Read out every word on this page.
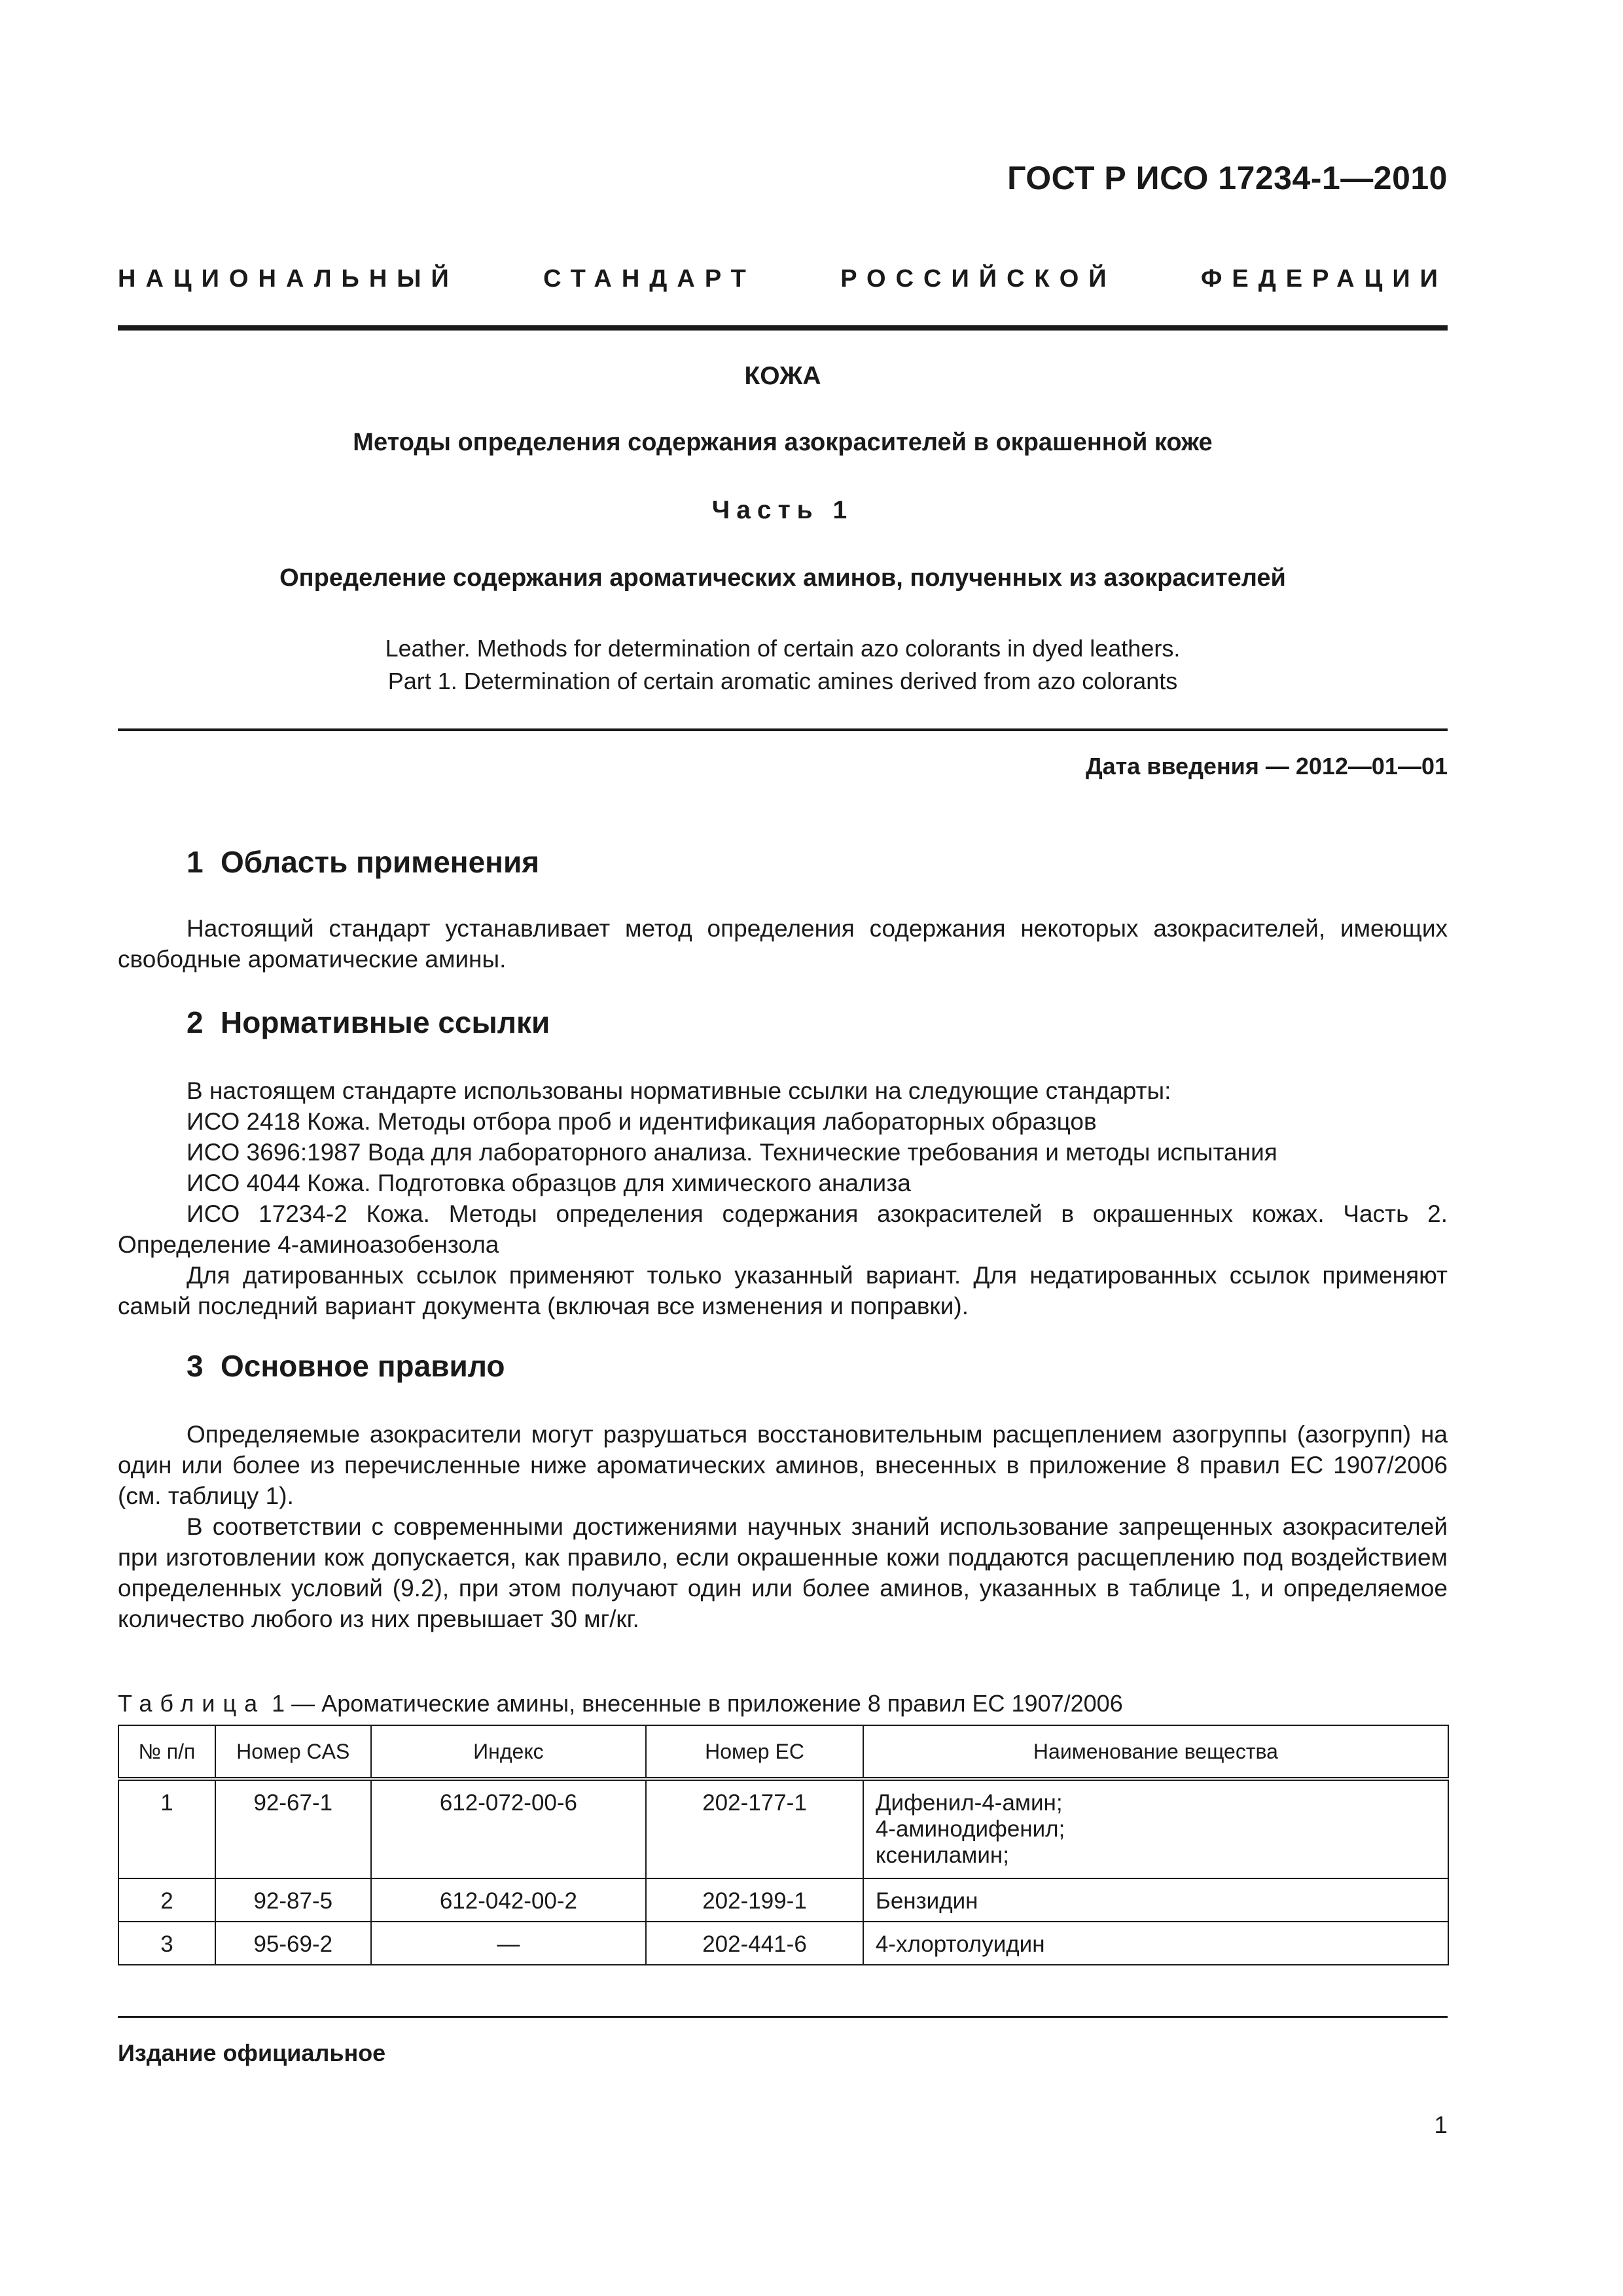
ГОСТ Р ИСО 17234-1—2010
НАЦИОНАЛЬНЫЙ	СТАНДАРТ	РОССИЙСКОЙ	ФЕДЕРАЦИИ
КОЖА
Методы определения содержания азокрасителей в окрашенной коже
Часть 1
Определение содержания ароматических аминов, полученных из азокрасителей
Leather. Methods for determination of certain azo colorants in dyed leathers.
Part 1. Determination of certain aromatic amines derived from azo colorants
Дата введения — 2012—01—01
1 Область применения

Настоящий стандарт устанавливает метод определения содержания некоторых азокрасителей, имеющих свободные ароматические амины.

2 Нормативные ссылки

В настоящем стандарте использованы нормативные ссылки на следующие стандарты:

ИСО 2418 Кожа. Методы отбора проб и идентификация лабораторных образцов

ИСО 3696:1987 Вода для лабораторного анализа. Технические требования и методы испытания

ИСО 4044 Кожа. Подготовка образцов для химического анализа

ИСО 17234-2 Кожа. Методы определения содержания азокрасителей в окрашенных кожах. Часть 2. Определение 4-аминоазобензола

Для датированных ссылок применяют только указанный вариант. Для недатированных ссылок применяют самый последний вариант документа (включая все изменения и поправки).

3 Основное правило

Определяемые азокрасители могут разрушаться восстановительным расщеплением азогруппы (азогрупп) на один или более из перечисленные ниже ароматических аминов, внесенных в приложение 8 правил ЕС 1907/2006 (см. таблицу 1).

В соответствии с современными достижениями научных знаний использование запрещенных азокрасителей при изготовлении кож допускается, как правило, если окрашенные кожи поддаются расщеплению под воздействием определенных условий (9.2), при этом получают один или более аминов, указанных в таблице 1, и определяемое количество любого из них превышает 30 мг/кг.

Таблица 1 — Ароматические амины, внесенные в приложение 8 правил ЕС 1907/2006
№ п/п	Номер CAS	Индекс	Номер ЕС	Наименование вещества
1	92-67-1	612-072-00-6	202-177-1	Дифенил-4-амин;
4-аминодифенил;
ксениламин;

2	92-87-5	612-042-00-2	202-199-1	Бензидин

3	95-69-2	—	202-441-6	4-хлортолуидин
Издание официальное
1
